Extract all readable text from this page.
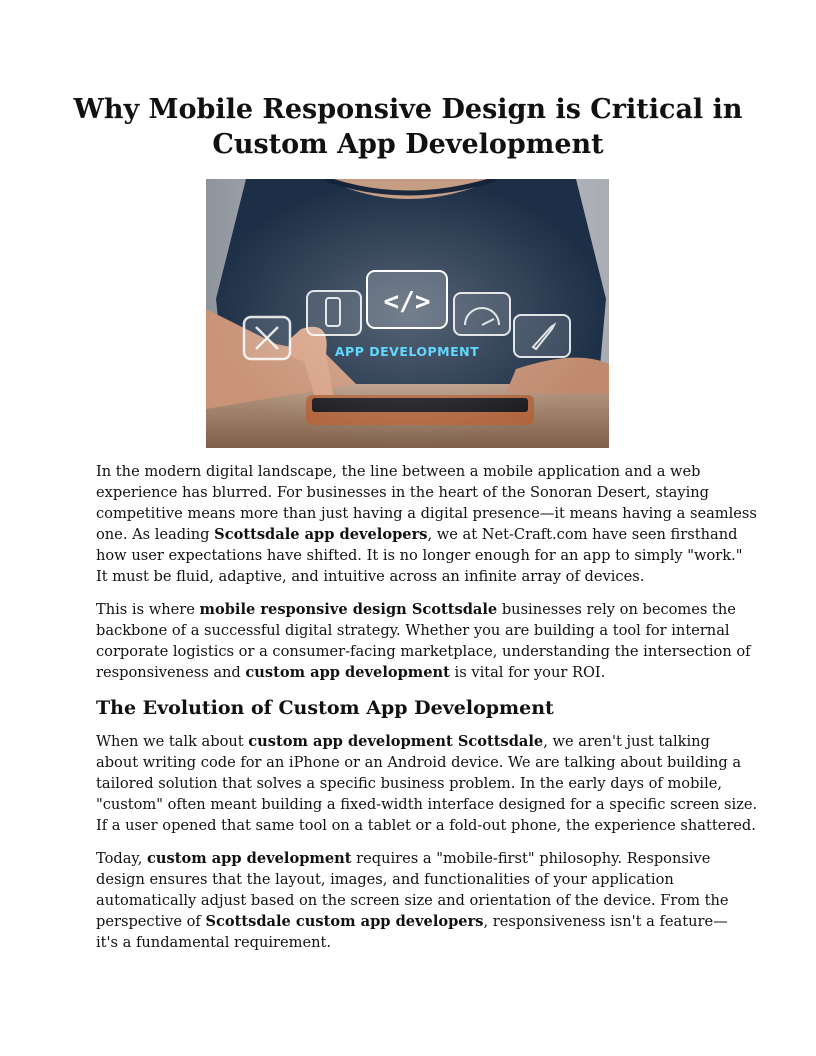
Why Mobile Responsive Design is Critical in
Custom App Development
</>
APP DEVELOPMENT

In the modern digital landscape, the line between a mobile application and a web
experience has blurred. For businesses in the heart of the Sonoran Desert, staying
competitive means more than just having a digital presence—it means having a seamless
one. As leading Scottsdale app developers, we at Net-Craft.com have seen firsthand
how user expectations have shifted. It is no longer enough for an app to simply "work."
It must be fluid, adaptive, and intuitive across an infinite array of devices.

This is where mobile responsive design Scottsdale businesses rely on becomes the
backbone of a successful digital strategy. Whether you are building a tool for internal
corporate logistics or a consumer-facing marketplace, understanding the intersection of
responsiveness and custom app development is vital for your ROI.

The Evolution of Custom App Development

When we talk about custom app development Scottsdale, we aren't just talking
about writing code for an iPhone or an Android device. We are talking about building a
tailored solution that solves a specific business problem. In the early days of mobile,
"custom" often meant building a fixed-width interface designed for a specific screen size.
If a user opened that same tool on a tablet or a fold-out phone, the experience shattered.

Today, custom app development requires a "mobile-first" philosophy. Responsive
design ensures that the layout, images, and functionalities of your application
automatically adjust based on the screen size and orientation of the device. From the
perspective of Scottsdale custom app developers, responsiveness isn't a feature—
it's a fundamental requirement.
